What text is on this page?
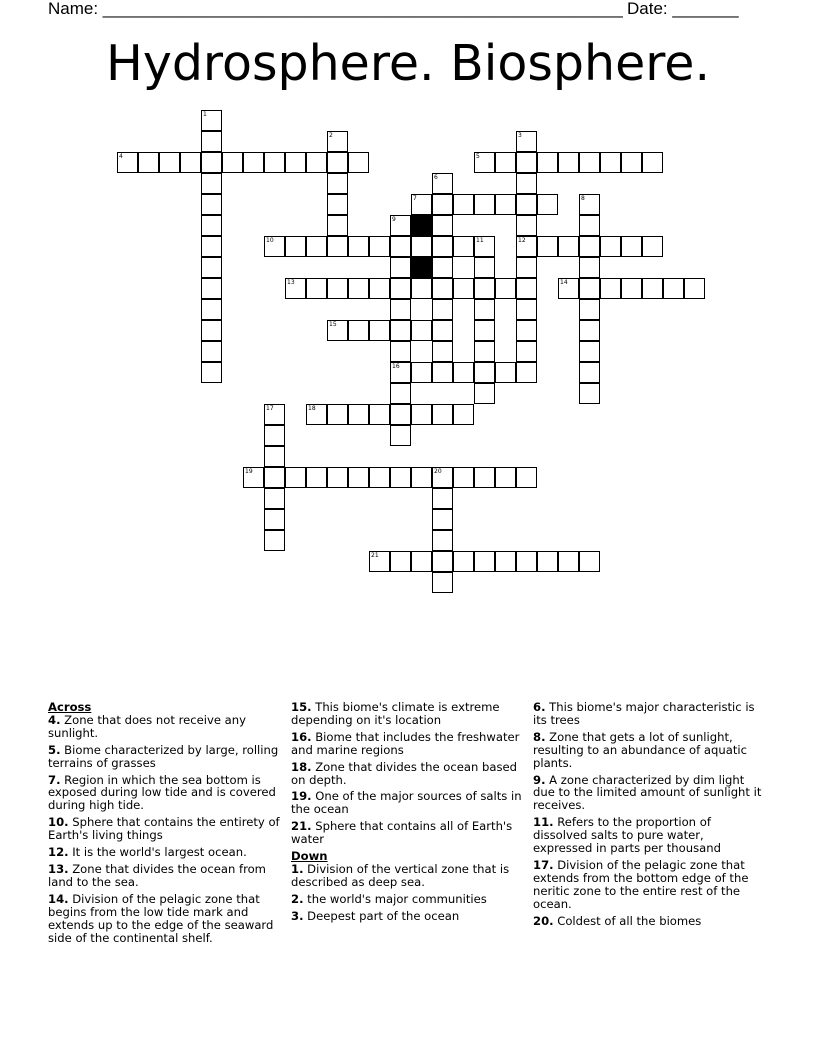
Name: _______________________________________________________ Date: _______
Hydrosphere. Biosphere.
1
2	3
12
4	5
6
7	8
9
16
10	11
13	14
15
17	18
19	20
21
Across
4. Zone that does not receive any sunlight.
5. Biome characterized by large, rolling terrains of grasses
7. Region in which the sea bottom is exposed during low tide and is covered during high tide.
10. Sphere that contains the entirety of Earth's living things
12. It is the world's largest ocean.
13. Zone that divides the ocean from land to the sea.
14. Division of the pelagic zone that begins from the low tide mark and extends up to the edge of the seaward side of the continental shelf.
15. This biome's climate is extreme depending on it's location
16. Biome that includes the freshwater and marine regions
18. Zone that divides the ocean based on depth.
19. One of the major sources of salts in the ocean
21. Sphere that contains all of Earth's water
Down
1. Division of the vertical zone that is described as deep sea.
2. the world's major communities
3. Deepest part of the ocean
6. This biome's major characteristic is its trees
8. Zone that gets a lot of sunlight, resulting to an abundance of aquatic plants.
9. A zone characterized by dim light due to the limited amount of sunlight it receives.
11. Refers to the proportion of dissolved salts to pure water, expressed in parts per thousand
17. Division of the pelagic zone that extends from the bottom edge of the neritic zone to the entire rest of the ocean.
20. Coldest of all the biomes
